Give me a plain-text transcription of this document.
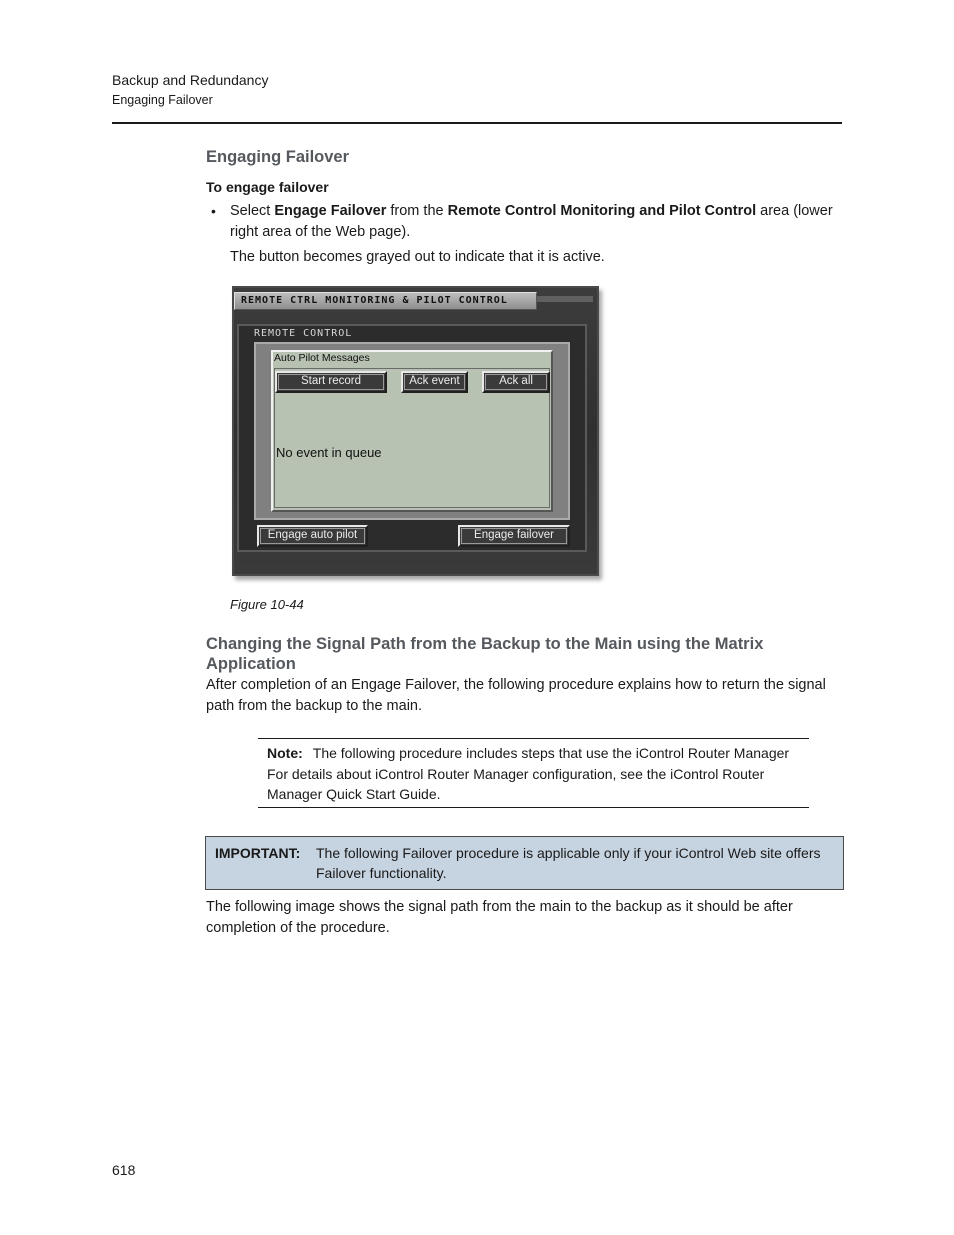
Backup and Redundancy
Engaging Failover
Engaging Failover
To engage failover
• Select Engage Failover from the Remote Control Monitoring and Pilot Control area (lower right area of the Web page).
The button becomes grayed out to indicate that it is active.
REMOTE CTRL MONITORING & PILOT CONTROL
REMOTE CONTROL
Auto Pilot Messages
Start record	Ack event	Ack all
No event in queue
Engage auto pilot	Engage failover
Figure 10-44
Changing the Signal Path from the Backup to the Main using the Matrix Application

After completion of an Engage Failover, the following procedure explains how to return the signal path from the backup to the main.

Note: The following procedure includes steps that use the iControl Router Manager For details about iControl Router Manager configuration, see the iControl Router Manager Quick Start Guide.
IMPORTANT: The following Failover procedure is applicable only if your iControl Web site offers Failover functionality.

The following image shows the signal path from the main to the backup as it should be after completion of the procedure.

618
